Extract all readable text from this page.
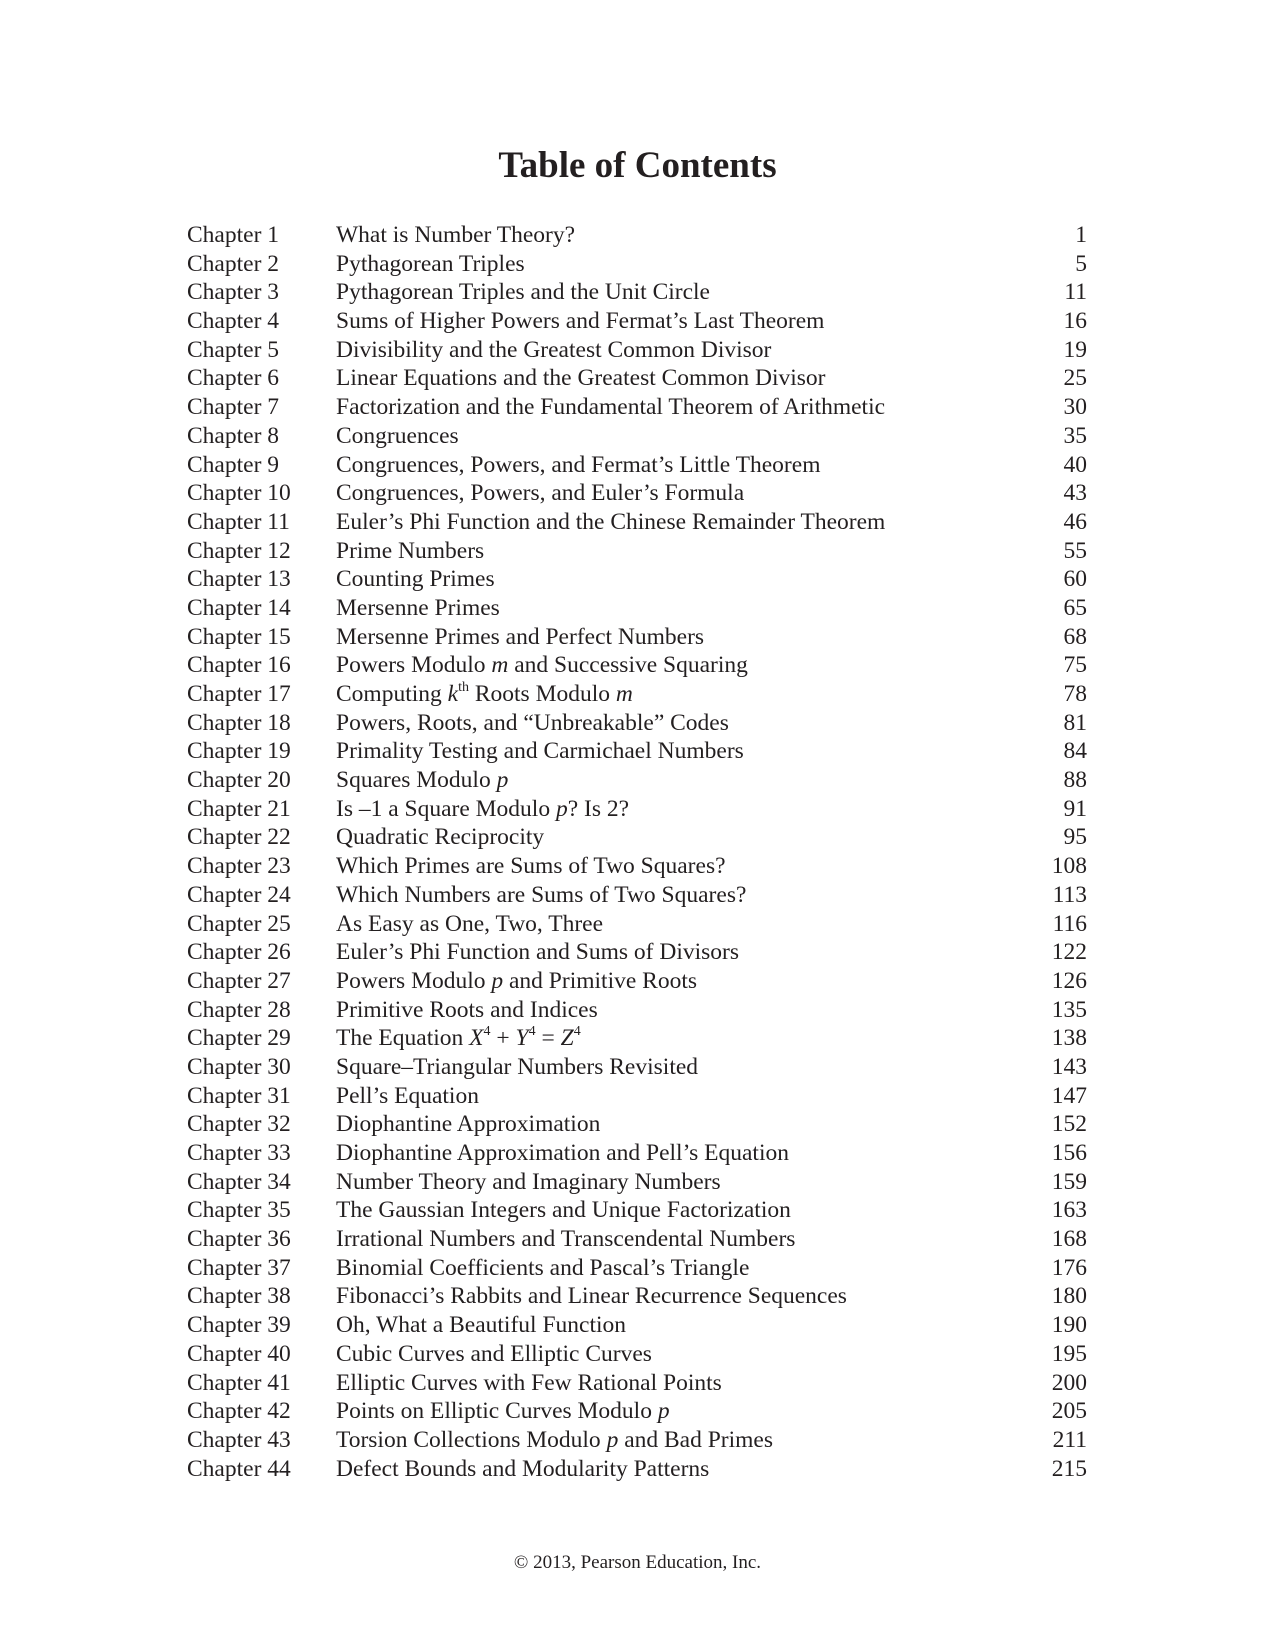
Table of Contents
Chapter 1 What is Number Theory?	1
Chapter 2 Pythagorean Triples	5
Chapter 3 Pythagorean Triples and the Unit Circle	11
Chapter 4 Sums of Higher Powers and Fermat’s Last Theorem	16
Chapter 5 Divisibility and the Greatest Common Divisor	19
Chapter 6 Linear Equations and the Greatest Common Divisor	25
Chapter 7 Factorization and the Fundamental Theorem of Arithmetic	30
Chapter 8 Congruences	35
Chapter 9 Congruences, Powers, and Fermat’s Little Theorem	40
Chapter 10 Congruences, Powers, and Euler’s Formula	43
Chapter 11 Euler’s Phi Function and the Chinese Remainder Theorem	46
Chapter 12 Prime Numbers	55
Chapter 13 Counting Primes	60
Chapter 14 Mersenne Primes	65
Chapter 15 Mersenne Primes and Perfect Numbers	68
Chapter 16 Powers Modulo m and Successive Squaring	75
Chapter 17 Computing $k^{th}$ Roots Modulo m	78
Chapter 18 Powers, Roots, and “Unbreakable” Codes	81
Chapter 19 Primality Testing and Carmichael Numbers	84
Chapter 20 Squares Modulo p	88
Chapter 21 Is –1 a Square Modulo p? Is 2?	91
Chapter 22 Quadratic Reciprocity	95
Chapter 23 Which Primes are Sums of Two Squares?	108
Chapter 24 Which Numbers are Sums of Two Squares?	113
Chapter 25 As Easy as One, Two, Three	116
Chapter 26 Euler’s Phi Function and Sums of Divisors	122
Chapter 27 Powers Modulo p and Primitive Roots	126
Chapter 28 Primitive Roots and Indices	135
Chapter 29 The Equation $X^4 + Y^4 = Z^4$	138
Chapter 30 Square–Triangular Numbers Revisited	143
Chapter 31 Pell’s Equation	147
Chapter 32 Diophantine Approximation	152
Chapter 33 Diophantine Approximation and Pell’s Equation	156
Chapter 34 Number Theory and Imaginary Numbers	159
Chapter 35 The Gaussian Integers and Unique Factorization	163
Chapter 36 Irrational Numbers and Transcendental Numbers	168
Chapter 37 Binomial Coefficients and Pascal’s Triangle	176
Chapter 38 Fibonacci’s Rabbits and Linear Recurrence Sequences	180
Chapter 39 Oh, What a Beautiful Function	190
Chapter 40 Cubic Curves and Elliptic Curves	195
Chapter 41 Elliptic Curves with Few Rational Points	200
Chapter 42 Points on Elliptic Curves Modulo p	205
Chapter 43 Torsion Collections Modulo p and Bad Primes	211
Chapter 44 Defect Bounds and Modularity Patterns	215
© 2013, Pearson Education, Inc.
